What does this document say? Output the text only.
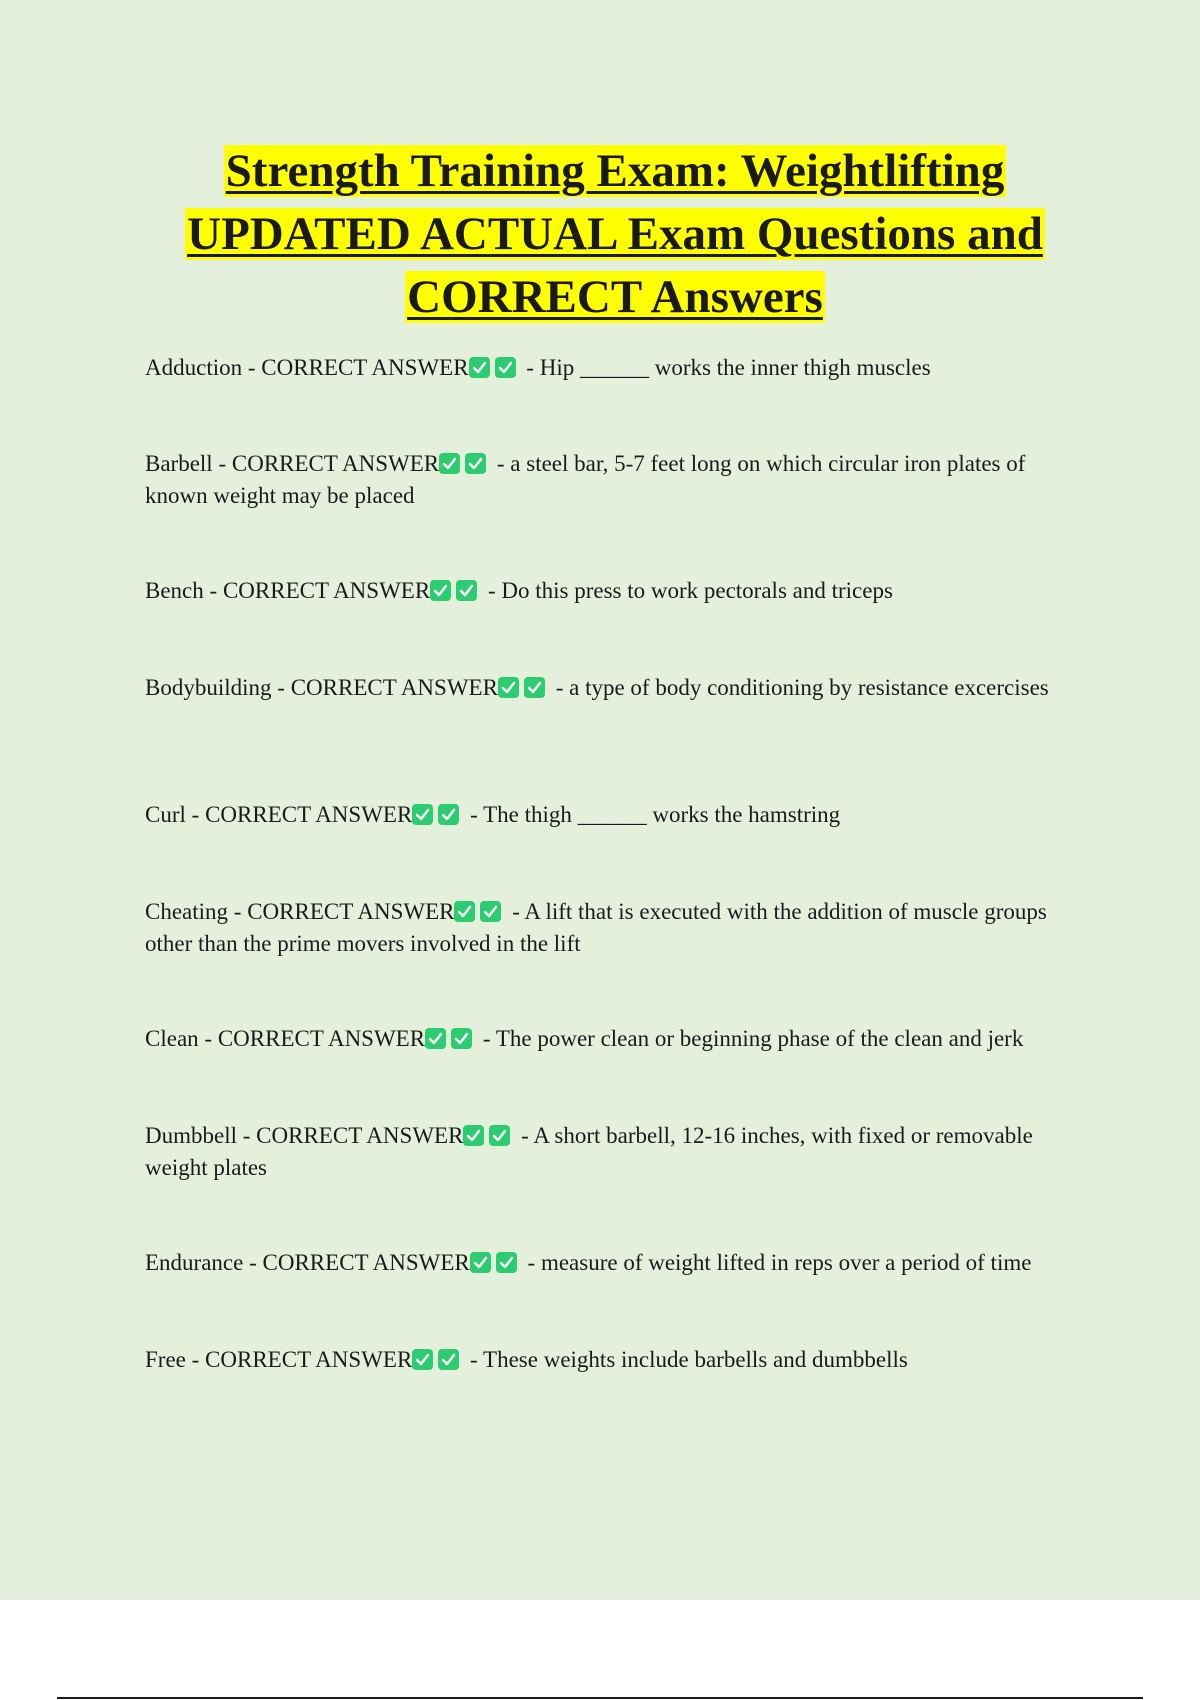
Strength Training Exam: Weightlifting
UPDATED ACTUAL Exam Questions and
CORRECT Answers

Adduction - CORRECT ANSWER
- Hip ______ works the inner thigh muscles

Barbell - CORRECT ANSWER
- a steel bar, 5-7 feet long on which circular iron plates of known weight may be placed

Bench - CORRECT ANSWER
- Do this press to work pectorals and triceps

Bodybuilding - CORRECT ANSWER
- a type of body conditioning by resistance excercises

Curl - CORRECT ANSWER
- The thigh ______ works the hamstring

Cheating - CORRECT ANSWER
- A lift that is executed with the addition of muscle groups other than the prime movers involved in the lift

Clean - CORRECT ANSWER
- The power clean or beginning phase of the clean and jerk

Dumbbell - CORRECT ANSWER
- A short barbell, 12-16 inches, with fixed or removable weight plates

Endurance - CORRECT ANSWER
- measure of weight lifted in reps over a period of time

Free - CORRECT ANSWER
- These weights include barbells and dumbbells
